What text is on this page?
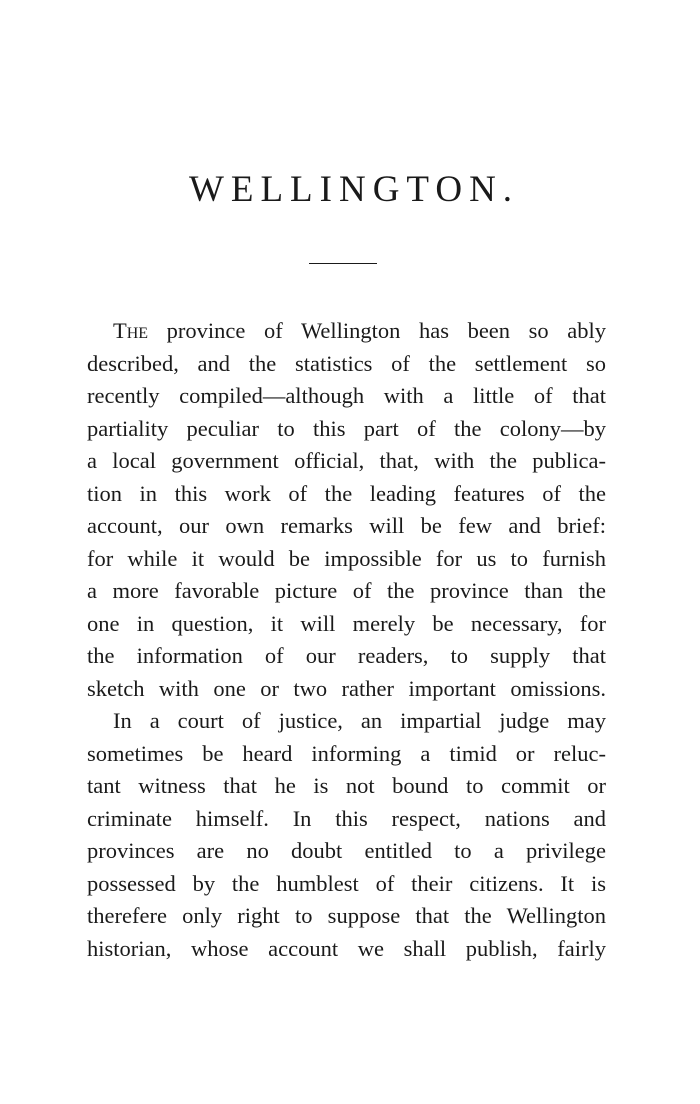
WELLINGTON.
The province of Wellington has been so ably
described, and the statistics of the settlement so
recently compiled—although with a little of that
partiality peculiar to this part of the colony—by
a local government official, that, with the publica-
tion in this work of the leading features of the
account, our own remarks will be few and brief:
for while it would be impossible for us to furnish
a more favorable picture of the province than the
one in question, it will merely be necessary, for
the information of our readers, to supply that
sketch with one or two rather important omissions.
In a court of justice, an impartial judge may
sometimes be heard informing a timid or reluc-
tant witness that he is not bound to commit or
criminate himself. In this respect, nations and
provinces are no doubt entitled to a privilege
possessed by the humblest of their citizens. It is
therefere only right to suppose that the Wellington
historian, whose account we shall publish, fairly
